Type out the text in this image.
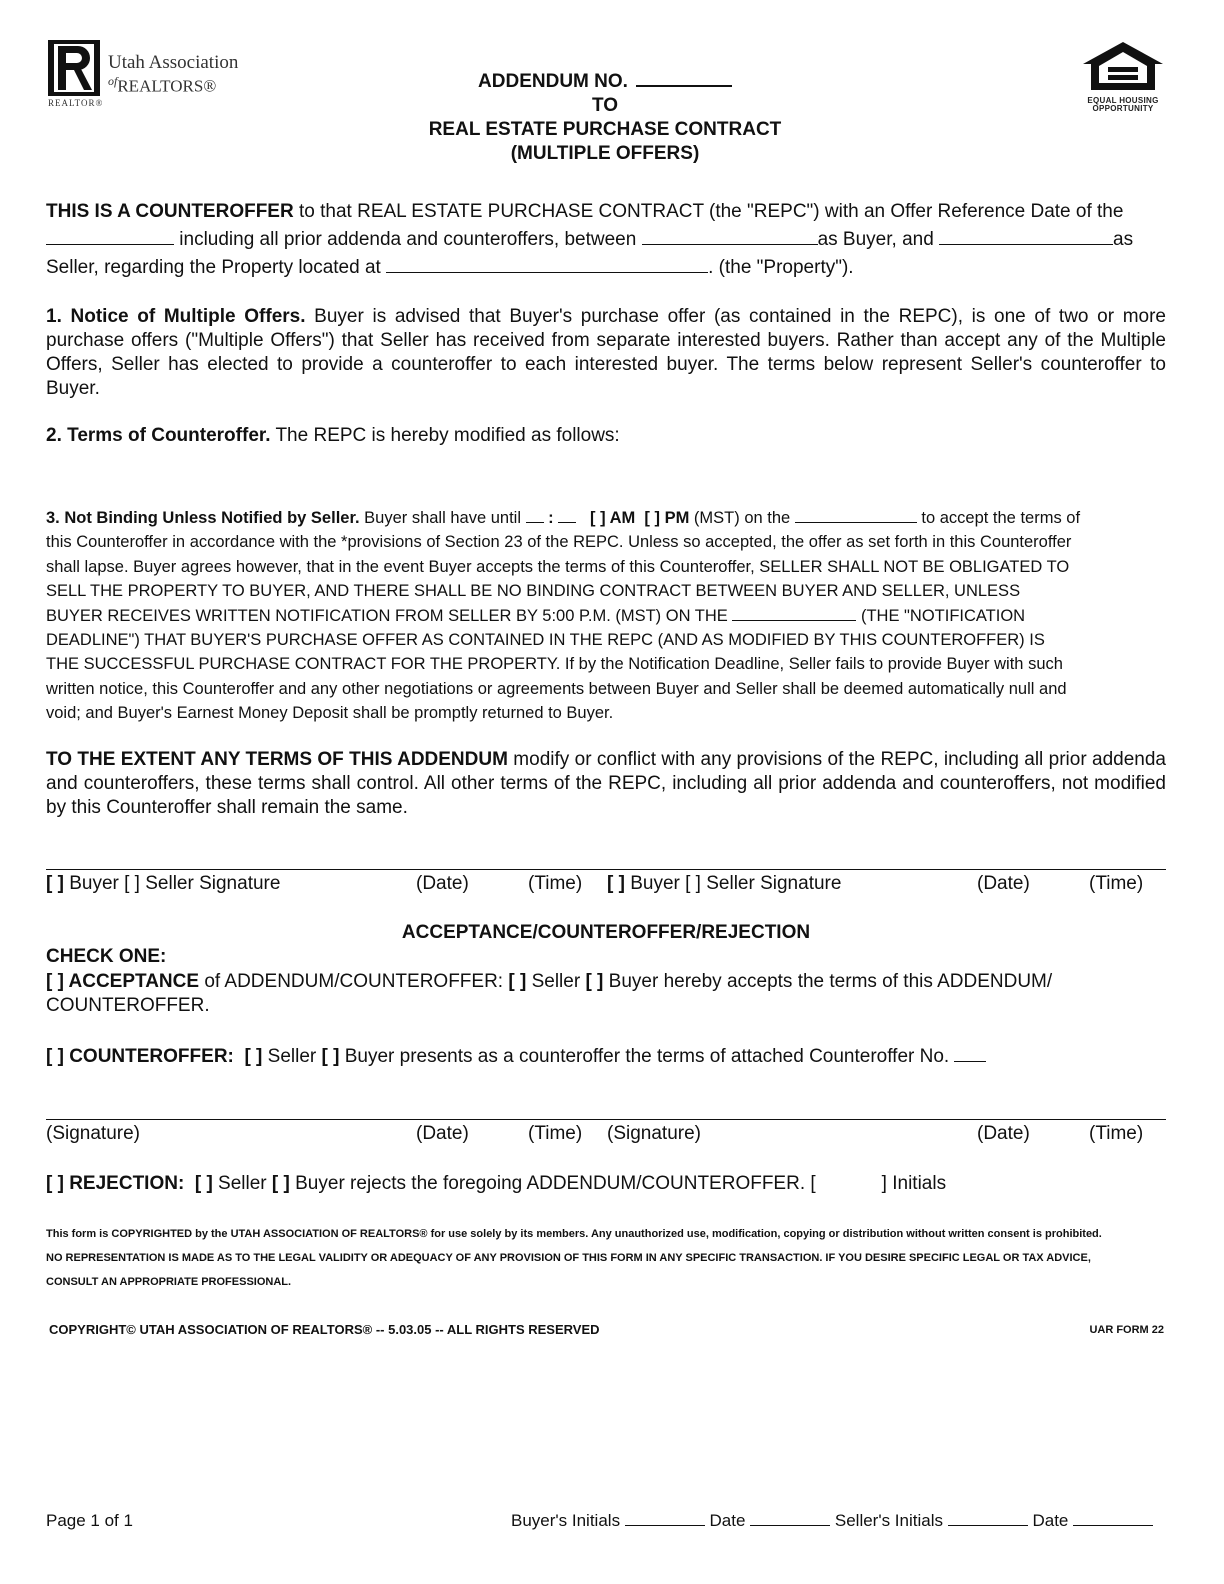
Utah Association
$^{of}$REALTORS®
REALTOR®	EQUAL HOUSING
OPPORTUNITY
ADDENDUM NO.
TO
REAL ESTATE PURCHASE CONTRACT
(MULTIPLE OFFERS)
THIS IS A COUNTEROFFER to that REAL ESTATE PURCHASE CONTRACT (the "REPC") with an Offer Reference Date of the
including all prior addenda and counteroffers, between	as Buyer, and	as
Seller, regarding the Property located at	. (the "Property").
1. Notice of Multiple Offers. Buyer is advised that Buyer's purchase offer (as contained in the REPC), is one of two or more purchase offers ("Multiple Offers") that Seller has received from separate interested buyers. Rather than accept any of the Multiple Offers, Seller has elected to provide a counteroffer to each interested buyer. The terms below represent Seller's counteroffer to Buyer.
2. Terms of Counteroffer. The REPC is hereby modified as follows:
3. Not Binding Unless Notified by Seller. Buyer shall have until  : [ ] AM [ ] PM (MST) on the	to accept the terms of
this Counteroffer in accordance with the *provisions of Section 23 of the REPC. Unless so accepted, the offer as set forth in this Counteroffer
shall lapse. Buyer agrees however, that in the event Buyer accepts the terms of this Counteroffer, SELLER SHALL NOT BE OBLIGATED TO
SELL THE PROPERTY TO BUYER, AND THERE SHALL BE NO BINDING CONTRACT BETWEEN BUYER AND SELLER, UNLESS
BUYER RECEIVES WRITTEN NOTIFICATION FROM SELLER BY 5:00 P.M. (MST) ON THE	(THE "NOTIFICATION
DEADLINE") THAT BUYER'S PURCHASE OFFER AS CONTAINED IN THE REPC (AND AS MODIFIED BY THIS COUNTEROFFER) IS
THE SUCCESSFUL PURCHASE CONTRACT FOR THE PROPERTY. If by the Notification Deadline, Seller fails to provide Buyer with such
written notice, this Counteroffer and any other negotiations or agreements between Buyer and Seller shall be deemed automatically null and
void; and Buyer's Earnest Money Deposit shall be promptly returned to Buyer.
TO THE EXTENT ANY TERMS OF THIS ADDENDUM modify or conflict with any provisions of the REPC, including all prior addenda and counteroffers, these terms shall control. All other terms of the REPC, including all prior addenda and counteroffers, not modified by this Counteroffer shall remain the same.
[ ] Buyer [ ] Seller Signature	(Date)	(Time) [ ] Buyer [ ] Seller Signature	(Date)	(Time)
ACCEPTANCE/COUNTEROFFER/REJECTION
CHECK ONE:
[ ] ACCEPTANCE of ADDENDUM/COUNTEROFFER: [ ] Seller [ ] Buyer hereby accepts the terms of this ADDENDUM/
COUNTEROFFER.
[ ] COUNTEROFFER: [ ] Seller [ ] Buyer presents as a counteroffer the terms of attached Counteroffer No.
(Signature)	(Date)	(Time) (Signature)	(Date)	(Time)
[ ] REJECTION: [ ] Seller [ ] Buyer rejects the foregoing ADDENDUM/COUNTEROFFER. [	] Initials
This form is COPYRIGHTED by the UTAH ASSOCIATION OF REALTORS® for use solely by its members. Any unauthorized use, modification, copying or distribution without written consent is prohibited.
NO REPRESENTATION IS MADE AS TO THE LEGAL VALIDITY OR ADEQUACY OF ANY PROVISION OF THIS FORM IN ANY SPECIFIC TRANSACTION. IF YOU DESIRE SPECIFIC LEGAL OR TAX ADVICE,
CONSULT AN APPROPRIATE PROFESSIONAL.
COPYRIGHT© UTAH ASSOCIATION OF REALTORS® -- 5.03.05 -- ALL RIGHTS RESERVED	UAR FORM 22
Page 1 of 1	Buyer's Initials	Date	Seller's Initials	Date
